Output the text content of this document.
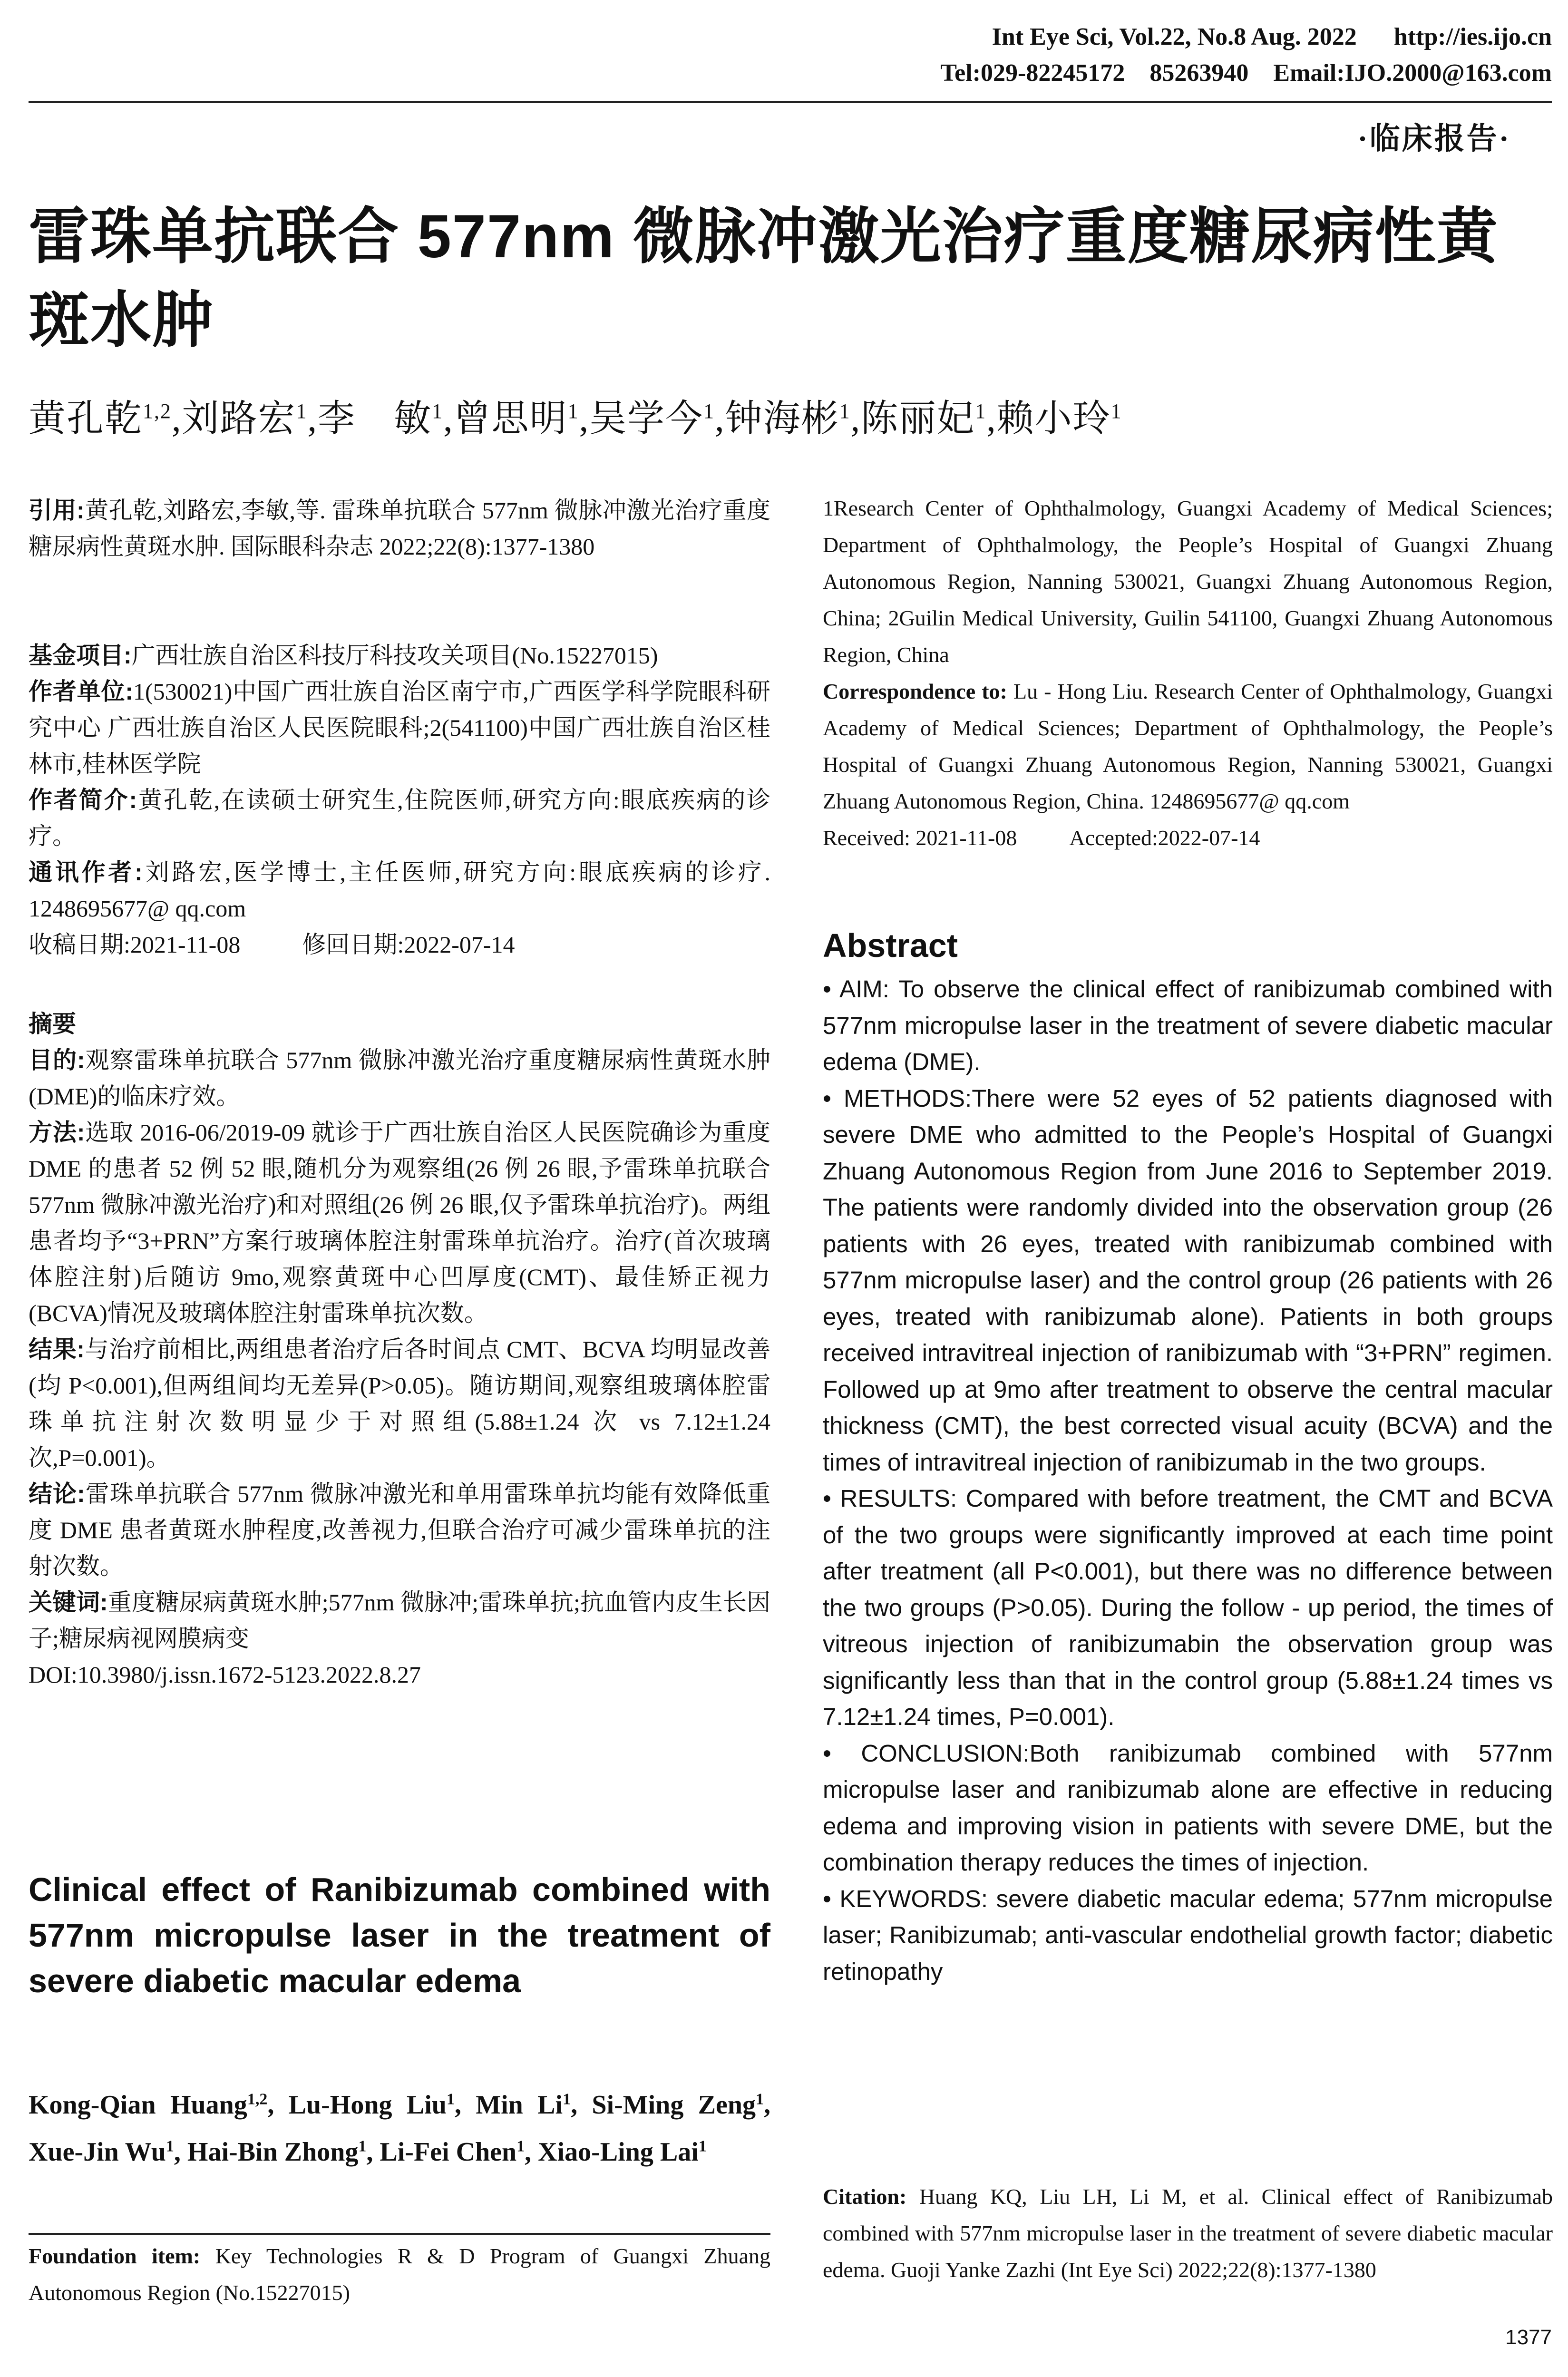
Int Eye Sci, Vol.22, No.8 Aug. 2022      http://ies.ijo.cn
Tel:029-82245172    85263940    Email:IJO.2000@163.com
·临床报告·
雷珠单抗联合 577nm 微脉冲激光治疗重度糖尿病性黄斑水肿
黄孔乾$^{1,2}$,刘路宏$^1$,李　敏$^1$,曾思明$^1$,吴学今$^1$,钟海彬$^1$,陈丽妃$^1$,赖小玲$^1$
引用:黄孔乾,刘路宏,李敏,等. 雷珠单抗联合 577nm 微脉冲激光治疗重度糖尿病性黄斑水肿. 国际眼科杂志 2022;22(8):1377-1380

基金项目:广西壮族自治区科技厅科技攻关项目(No.15227015)

作者单位:1(530021)中国广西壮族自治区南宁市,广西医学科学院眼科研究中心 广西壮族自治区人民医院眼科;2(541100)中国广西壮族自治区桂林市,桂林医学院

作者简介:黄孔乾,在读硕士研究生,住院医师,研究方向:眼底疾病的诊疗。

通讯作者:刘路宏,医学博士,主任医师,研究方向:眼底疾病的诊疗. 1248695677@ qq.com

收稿日期:2021-11-08	修回日期:2022-07-14

摘要

目的:观察雷珠单抗联合 577nm 微脉冲激光治疗重度糖尿病性黄斑水肿(DME)的临床疗效。

方法:选取 2016-06/2019-09 就诊于广西壮族自治区人民医院确诊为重度 DME 的患者 52 例 52 眼,随机分为观察组(26 例 26 眼,予雷珠单抗联合 577nm 微脉冲激光治疗)和对照组(26 例 26 眼,仅予雷珠单抗治疗)。两组患者均予“3+PRN”方案行玻璃体腔注射雷珠单抗治疗。治疗(首次玻璃体腔注射)后随访 9mo,观察黄斑中心凹厚度(CMT)、最佳矫正视力(BCVA)情况及玻璃体腔注射雷珠单抗次数。

结果:与治疗前相比,两组患者治疗后各时间点 CMT、BCVA 均明显改善(均 P<0.001),但两组间均无差异(P>0.05)。随访期间,观察组玻璃体腔雷珠单抗注射次数明显少于对照组(5.88±1.24 次 vs 7.12±1.24 次,P=0.001)。

结论:雷珠单抗联合 577nm 微脉冲激光和单用雷珠单抗均能有效降低重度 DME 患者黄斑水肿程度,改善视力,但联合治疗可减少雷珠单抗的注射次数。

关键词:重度糖尿病黄斑水肿;577nm 微脉冲;雷珠单抗;抗血管内皮生长因子;糖尿病视网膜病变

DOI:10.3980/j.issn.1672-5123.2022.8.27

Clinical effect of Ranibizumab combined with 577nm micropulse laser in the treatment of severe diabetic macular edema
Kong-Qian Huang$^{1,2}$, Lu-Hong Liu$^1$, Min Li$^1$, Si-Ming Zeng$^1$, Xue-Jin Wu$^1$, Hai-Bin Zhong$^1$, Li-Fei Chen$^1$, Xiao-Ling Lai$^1$
Foundation item: Key Technologies R & D Program of Guangxi Zhuang Autonomous Region (No.15227015)

1Research Center of Ophthalmology, Guangxi Academy of Medical Sciences; Department of Ophthalmology, the People’s Hospital of Guangxi Zhuang Autonomous Region, Nanning 530021, Guangxi Zhuang Autonomous Region, China; 2Guilin Medical University, Guilin 541100, Guangxi Zhuang Autonomous Region, China

Correspondence to: Lu - Hong Liu. Research Center of Ophthalmology, Guangxi Academy of Medical Sciences; Department of Ophthalmology, the People’s Hospital of Guangxi Zhuang Autonomous Region, Nanning 530021, Guangxi Zhuang Autonomous Region, China. 1248695677@ qq.com

Received: 2021-11-08 Accepted:2022-07-14

Abstract

• AIM: To observe the clinical effect of ranibizumab combined with 577nm micropulse laser in the treatment of severe diabetic macular edema (DME).

• METHODS:There were 52 eyes of 52 patients diagnosed with severe DME who admitted to the People’s Hospital of Guangxi Zhuang Autonomous Region from June 2016 to September 2019. The patients were randomly divided into the observation group (26 patients with 26 eyes, treated with ranibizumab combined with 577nm micropulse laser) and the control group (26 patients with 26 eyes, treated with ranibizumab alone). Patients in both groups received intravitreal injection of ranibizumab with “3+PRN” regimen. Followed up at 9mo after treatment to observe the central macular thickness (CMT), the best corrected visual acuity (BCVA) and the times of intravitreal injection of ranibizumab in the two groups.

• RESULTS: Compared with before treatment, the CMT and BCVA of the two groups were significantly improved at each time point after treatment (all P<0.001), but there was no difference between the two groups (P>0.05). During the follow - up period, the times of vitreous injection of ranibizumabin the observation group was significantly less than that in the control group (5.88±1.24 times vs 7.12±1.24 times, P=0.001).

• CONCLUSION:Both ranibizumab combined with 577nm micropulse laser and ranibizumab alone are effective in reducing edema and improving vision in patients with severe DME, but the combination therapy reduces the times of injection.

• KEYWORDS: severe diabetic macular edema; 577nm micropulse laser; Ranibizumab; anti-vascular endothelial growth factor; diabetic retinopathy

Citation: Huang KQ, Liu LH, Li M, et al. Clinical effect of Ranibizumab combined with 577nm micropulse laser in the treatment of severe diabetic macular edema. Guoji Yanke Zazhi (Int Eye Sci) 2022;22(8):1377-1380
1377
